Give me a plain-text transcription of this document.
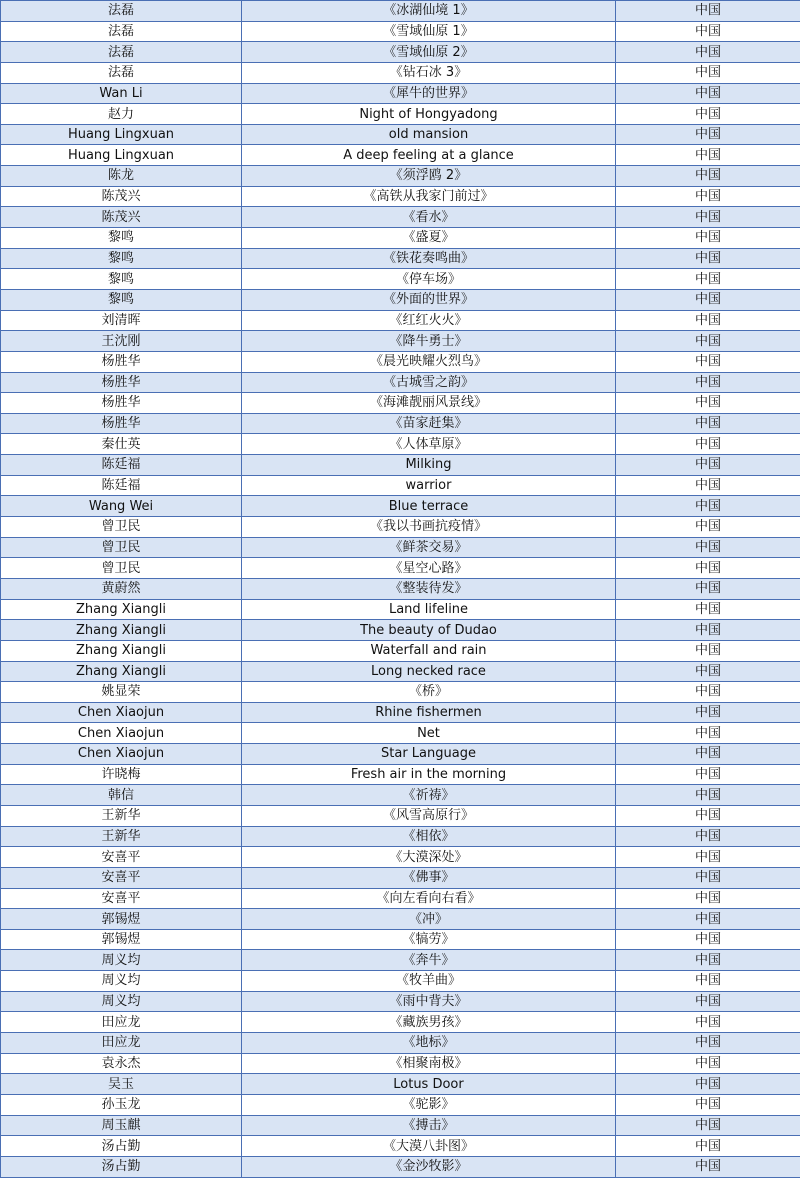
法磊	《冰湖仙境 1》	中国
法磊	《雪域仙原 1》	中国
法磊	《雪域仙原 2》	中国
法磊	《钻石冰 3》	中国
Wan Li	《犀牛的世界》	中国
赵力	Night of Hongyadong	中国
Huang Lingxuan	old mansion	中国
Huang Lingxuan	A deep feeling at a glance	中国
陈龙	《须浮鸥 2》	中国
陈茂兴	《高铁从我家门前过》	中国
陈茂兴	《看水》	中国
黎鸣	《盛夏》	中国
黎鸣	《铁花奏鸣曲》	中国
黎鸣	《停车场》	中国
黎鸣	《外面的世界》	中国
刘清晖	《红红火火》	中国
王沈刚	《降牛勇士》	中国
杨胜华	《晨光映耀火烈鸟》	中国
杨胜华	《古城雪之韵》	中国
杨胜华	《海滩靓丽风景线》	中国
杨胜华	《苗家赶集》	中国
秦仕英	《人体草原》	中国
陈廷福	Milking	中国
陈廷福	warrior	中国
Wang Wei	Blue terrace	中国
曾卫民	《我以书画抗疫情》	中国
曾卫民	《鲜茶交易》	中国
曾卫民	《星空心路》	中国
黄蔚然	《整装待发》	中国
Zhang Xiangli	Land lifeline	中国
Zhang Xiangli	The beauty of Dudao	中国
Zhang Xiangli	Waterfall and rain	中国
Zhang Xiangli	Long necked race	中国
姚显荣	《桥》	中国
Chen Xiaojun	Rhine fishermen	中国
Chen Xiaojun	Net	中国
Chen Xiaojun	Star Language	中国
许晓梅	Fresh air in the morning	中国
韩信	《祈祷》	中国
王新华	《风雪高原行》	中国
王新华	《相依》	中国
安喜平	《大漠深处》	中国
安喜平	《佛事》	中国
安喜平	《向左看向右看》	中国
郭锡煜	《冲》	中国
郭锡煜	《犒劳》	中国
周义均	《奔牛》	中国
周义均	《牧羊曲》	中国
周义均	《雨中背夫》	中国
田应龙	《藏族男孩》	中国
田应龙	《地标》	中国
袁永杰	《相聚南极》	中国
吴玉	Lotus Door	中国
孙玉龙	《驼影》	中国
周玉麒	《搏击》	中国
汤占勤	《大漠八卦图》	中国
汤占勤	《金沙牧影》	中国
